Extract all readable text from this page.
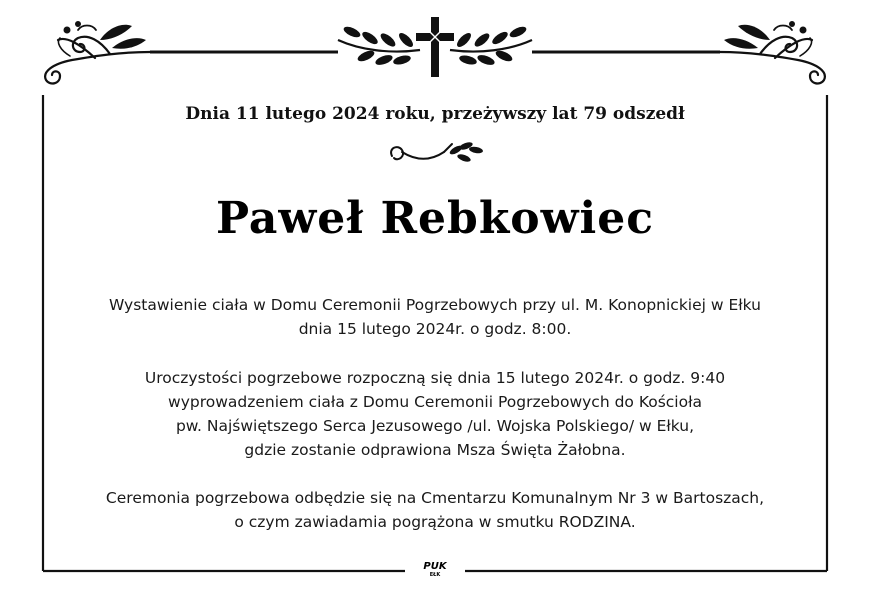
Dnia 11 lutego 2024 roku, przeżywszy lat 79 odszedł
Paweł Rebkowiec
Wystawienie ciała w Domu Ceremonii Pogrzebowych przy ul. M. Konopnickiej w Ełku
dnia 15 lutego 2024r. o godz. 8:00.
Uroczystości pogrzebowe rozpoczną się dnia 15 lutego 2024r. o godz. 9:40
wyprowadzeniem ciała z Domu Ceremonii Pogrzebowych do Kościoła
pw. Najświętszego Serca Jezusowego /ul. Wojska Polskiego/ w Ełku,
gdzie zostanie odprawiona Msza Święta Żałobna.
Ceremonia pogrzebowa odbędzie się na Cmentarzu Komunalnym Nr 3 w Bartoszach,
o czym zawiadamia pogrążona w smutku RODZINA.
PUK
EŁK
